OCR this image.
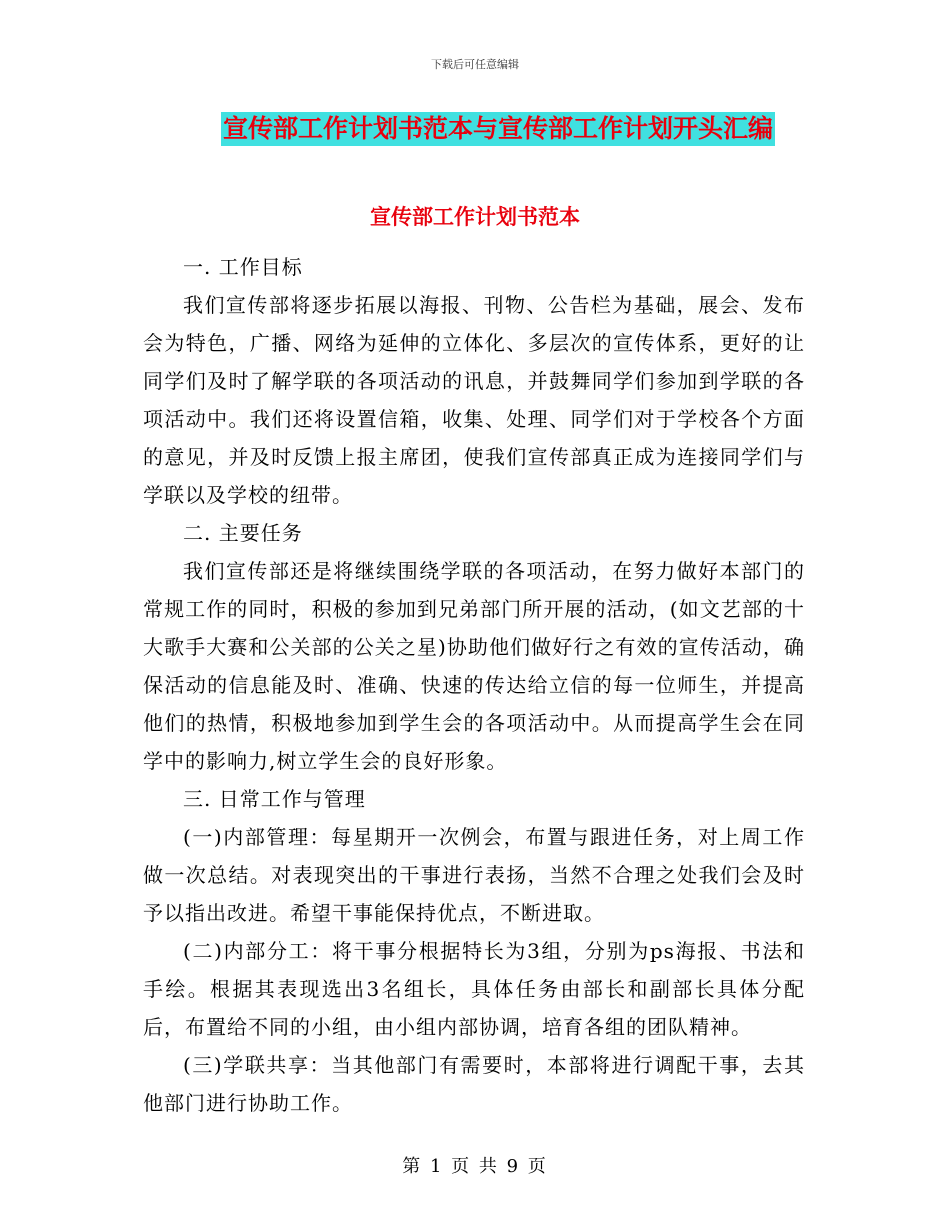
下载后可任意编辑
宣传部工作计划书范本与宣传部工作计划开头汇编
宣传部工作计划书范本

一. 工作目标

我们宣传部将逐步拓展以海报、刊物、公告栏为基础，展会、发布会为特色，广播、网络为延伸的立体化、多层次的宣传体系，更好的让同学们及时了解学联的各项活动的讯息，并鼓舞同学们参加到学联的各项活动中。我们还将设置信箱，收集、处理、同学们对于学校各个方面的意见，并及时反馈上报主席团，使我们宣传部真正成为连接同学们与学联以及学校的纽带。

二. 主要任务

我们宣传部还是将继续围绕学联的各项活动，在努力做好本部门的常规工作的同时，积极的参加到兄弟部门所开展的活动，(如文艺部的十大歌手大赛和公关部的公关之星)协助他们做好行之有效的宣传活动，确保活动的信息能及时、准确、快速的传达给立信的每一位师生，并提高他们的热情，积极地参加到学生会的各项活动中。从而提高学生会在同学中的影响力,树立学生会的良好形象。

三. 日常工作与管理

(一)内部管理：每星期开一次例会，布置与跟进任务，对上周工作做一次总结。对表现突出的干事进行表扬，当然不合理之处我们会及时予以指出改进。希望干事能保持优点，不断进取。

(二)内部分工：将干事分根据特长为3组，分别为ps海报、书法和手绘。根据其表现选出3名组长，具体任务由部长和副部长具体分配后，布置给不同的小组，由小组内部协调，培育各组的团队精神。

(三)学联共享：当其他部门有需要时，本部将进行调配干事，去其他部门进行协助工作。

第 1 页 共 9 页
